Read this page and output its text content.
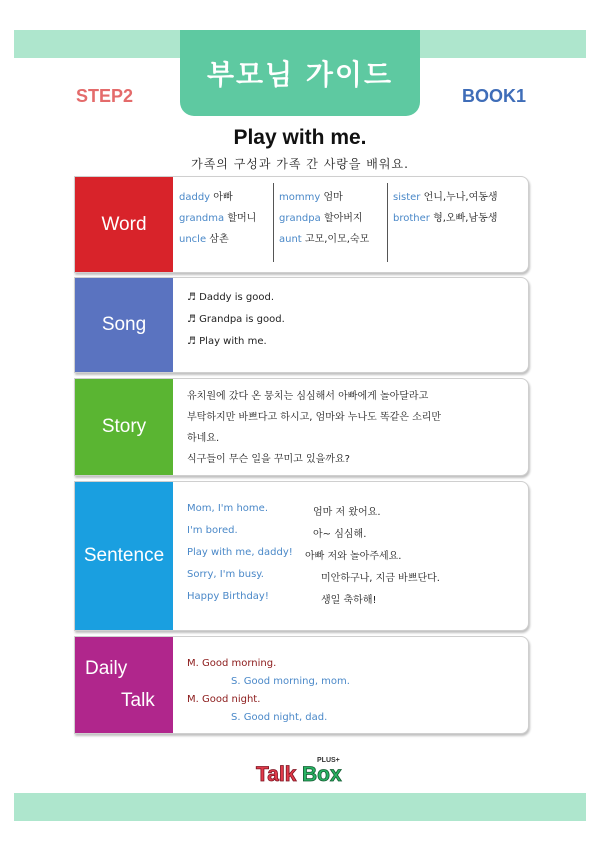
부모님 가이드
STEP2	BOOK1
Play with me.
가족의 구성과 가족 간 사랑을 배워요.
Word
daddy 아빠
grandma 할머니
uncle 삼촌
mommy 엄마
grandpa 할아버지
aunt 고모,이모,숙모
sister 언니,누나,여동생
brother 형,오빠,남동생
Song
♬ Daddy is good.
♬ Grandpa is good.
♬ Play with me.
Story

유치원에 갔다 온 뭉치는 심심해서 아빠에게 놀아달라고

부탁하지만 바쁘다고 하시고, 엄마와 누나도 똑같은 소리만

하네요.

식구들이 무슨 일을 꾸미고 있을까요?

Sentence
Mom, I'm home.	엄마 저 왔어요.
I'm bored.	아~ 심심해.
Play with me, daddy! 아빠 저와 놀아주세요.
Sorry, I'm busy.	미안하구나, 지금 바쁘단다.
Happy Birthday!	생일 축하해!
Daily
Talk
M. Good morning.
S. Good morning, mom.
M. Good night.
S. Good night, dad.
Talk Box
PLUS+
